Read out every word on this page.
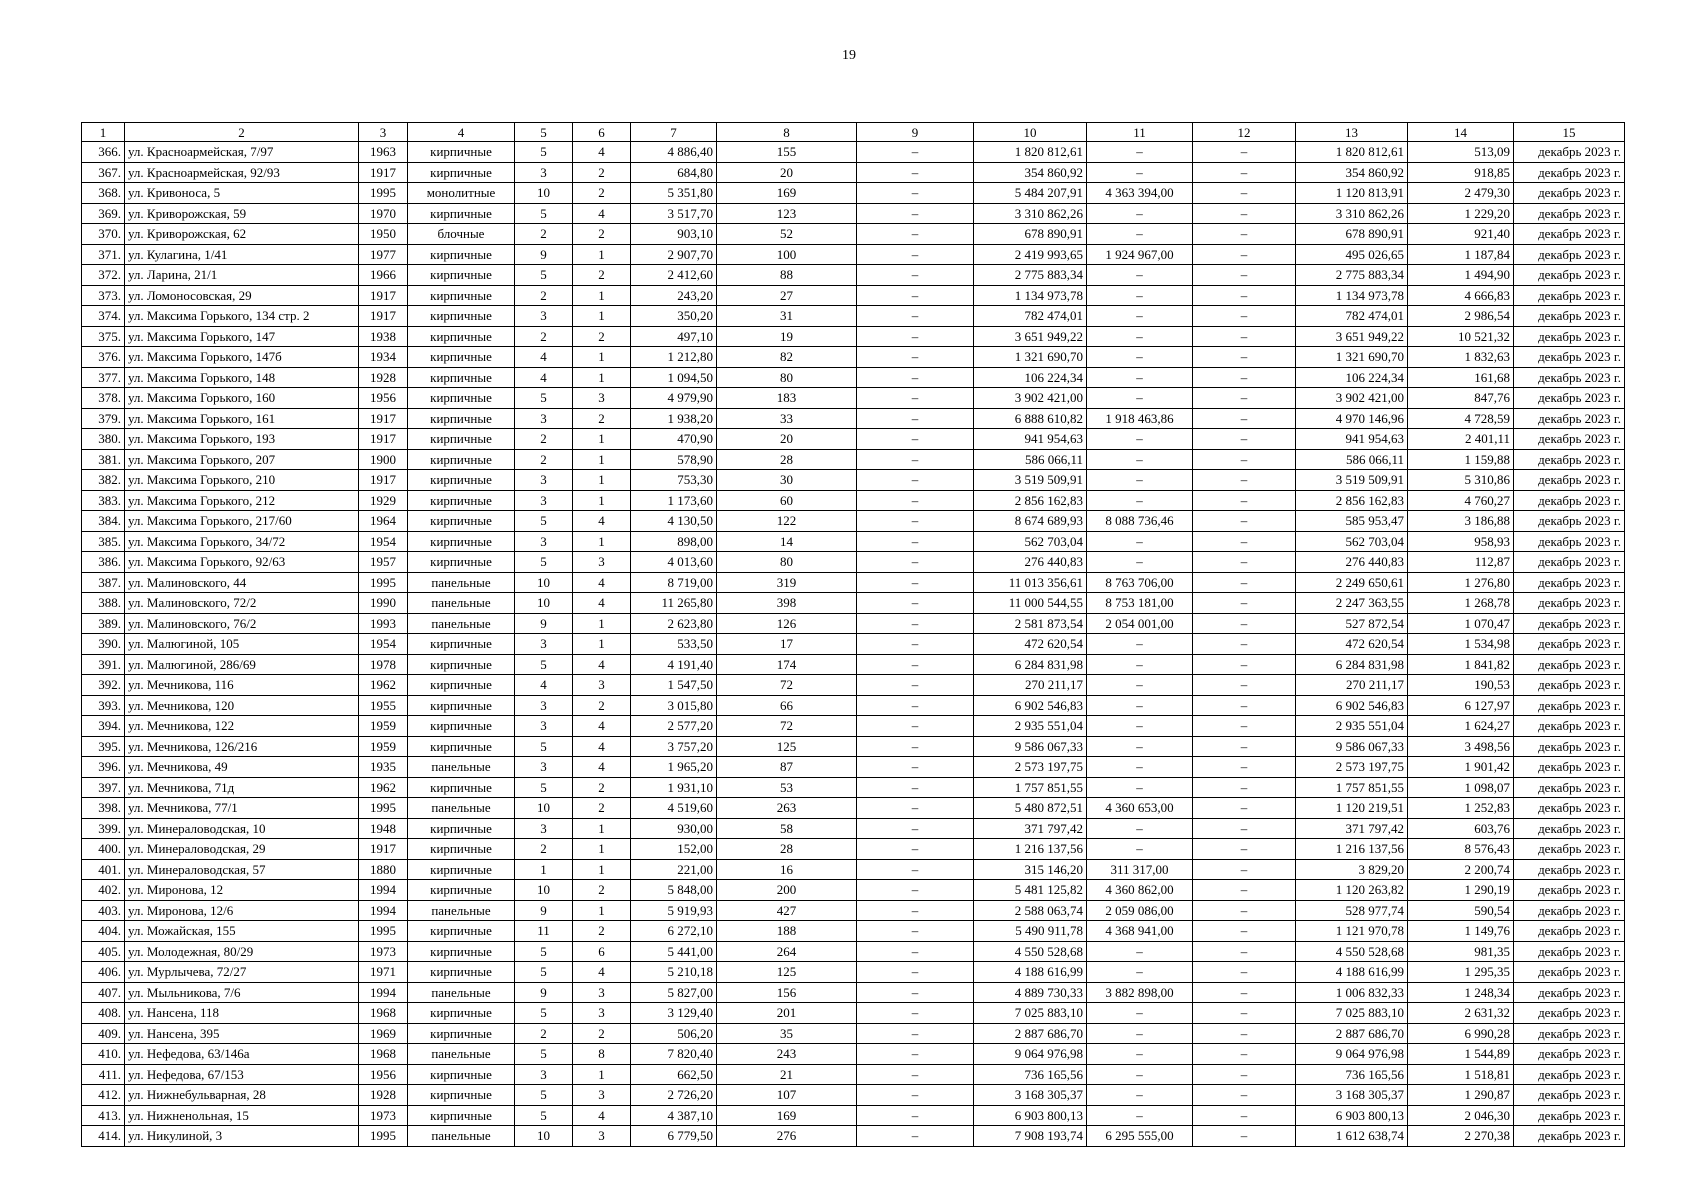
19
1	2	3	4	5	6	7	8	9	10	11	12	13	14	15
366.	ул. Красноармейская, 7/97	1963	кирпичные	5	4	4 886,40	155	–	1 820 812,61	–	–	1 820 812,61	513,09	декабрь 2023 г.
367.	ул. Красноармейская, 92/93	1917	кирпичные	3	2	684,80	20	–	354 860,92	–	–	354 860,92	918,85	декабрь 2023 г.
368.	ул. Кривоноса, 5	1995	монолитные	10	2	5 351,80	169	–	5 484 207,91	4 363 394,00	–	1 120 813,91	2 479,30	декабрь 2023 г.
369.	ул. Криворожская, 59	1970	кирпичные	5	4	3 517,70	123	–	3 310 862,26	–	–	3 310 862,26	1 229,20	декабрь 2023 г.
370.	ул. Криворожская, 62	1950	блочные	2	2	903,10	52	–	678 890,91	–	–	678 890,91	921,40	декабрь 2023 г.
371.	ул. Кулагина, 1/41	1977	кирпичные	9	1	2 907,70	100	–	2 419 993,65	1 924 967,00	–	495 026,65	1 187,84	декабрь 2023 г.
372.	ул. Ларина, 21/1	1966	кирпичные	5	2	2 412,60	88	–	2 775 883,34	–	–	2 775 883,34	1 494,90	декабрь 2023 г.
373.	ул. Ломоносовская, 29	1917	кирпичные	2	1	243,20	27	–	1 134 973,78	–	–	1 134 973,78	4 666,83	декабрь 2023 г.
374.	ул. Максима Горького, 134 стр. 2	1917	кирпичные	3	1	350,20	31	–	782 474,01	–	–	782 474,01	2 986,54	декабрь 2023 г.
375.	ул. Максима Горького, 147	1938	кирпичные	2	2	497,10	19	–	3 651 949,22	–	–	3 651 949,22	10 521,32	декабрь 2023 г.
376.	ул. Максима Горького, 147б	1934	кирпичные	4	1	1 212,80	82	–	1 321 690,70	–	–	1 321 690,70	1 832,63	декабрь 2023 г.
377.	ул. Максима Горького, 148	1928	кирпичные	4	1	1 094,50	80	–	106 224,34	–	–	106 224,34	161,68	декабрь 2023 г.
378.	ул. Максима Горького, 160	1956	кирпичные	5	3	4 979,90	183	–	3 902 421,00	–	–	3 902 421,00	847,76	декабрь 2023 г.
379.	ул. Максима Горького, 161	1917	кирпичные	3	2	1 938,20	33	–	6 888 610,82	1 918 463,86	–	4 970 146,96	4 728,59	декабрь 2023 г.
380.	ул. Максима Горького, 193	1917	кирпичные	2	1	470,90	20	–	941 954,63	–	–	941 954,63	2 401,11	декабрь 2023 г.
381.	ул. Максима Горького, 207	1900	кирпичные	2	1	578,90	28	–	586 066,11	–	–	586 066,11	1 159,88	декабрь 2023 г.
382.	ул. Максима Горького, 210	1917	кирпичные	3	1	753,30	30	–	3 519 509,91	–	–	3 519 509,91	5 310,86	декабрь 2023 г.
383.	ул. Максима Горького, 212	1929	кирпичные	3	1	1 173,60	60	–	2 856 162,83	–	–	2 856 162,83	4 760,27	декабрь 2023 г.
384.	ул. Максима Горького, 217/60	1964	кирпичные	5	4	4 130,50	122	–	8 674 689,93	8 088 736,46	–	585 953,47	3 186,88	декабрь 2023 г.
385.	ул. Максима Горького, 34/72	1954	кирпичные	3	1	898,00	14	–	562 703,04	–	–	562 703,04	958,93	декабрь 2023 г.
386.	ул. Максима Горького, 92/63	1957	кирпичные	5	3	4 013,60	80	–	276 440,83	–	–	276 440,83	112,87	декабрь 2023 г.
387.	ул. Малиновского, 44	1995	панельные	10	4	8 719,00	319	–	11 013 356,61	8 763 706,00	–	2 249 650,61	1 276,80	декабрь 2023 г.
388.	ул. Малиновского, 72/2	1990	панельные	10	4	11 265,80	398	–	11 000 544,55	8 753 181,00	–	2 247 363,55	1 268,78	декабрь 2023 г.
389.	ул. Малиновского, 76/2	1993	панельные	9	1	2 623,80	126	–	2 581 873,54	2 054 001,00	–	527 872,54	1 070,47	декабрь 2023 г.
390.	ул. Малюгиной, 105	1954	кирпичные	3	1	533,50	17	–	472 620,54	–	–	472 620,54	1 534,98	декабрь 2023 г.
391.	ул. Малюгиной, 286/69	1978	кирпичные	5	4	4 191,40	174	–	6 284 831,98	–	–	6 284 831,98	1 841,82	декабрь 2023 г.
392.	ул. Мечникова, 116	1962	кирпичные	4	3	1 547,50	72	–	270 211,17	–	–	270 211,17	190,53	декабрь 2023 г.
393.	ул. Мечникова, 120	1955	кирпичные	3	2	3 015,80	66	–	6 902 546,83	–	–	6 902 546,83	6 127,97	декабрь 2023 г.
394.	ул. Мечникова, 122	1959	кирпичные	3	4	2 577,20	72	–	2 935 551,04	–	–	2 935 551,04	1 624,27	декабрь 2023 г.
395.	ул. Мечникова, 126/216	1959	кирпичные	5	4	3 757,20	125	–	9 586 067,33	–	–	9 586 067,33	3 498,56	декабрь 2023 г.
396.	ул. Мечникова, 49	1935	панельные	3	4	1 965,20	87	–	2 573 197,75	–	–	2 573 197,75	1 901,42	декабрь 2023 г.
397.	ул. Мечникова, 71д	1962	кирпичные	5	2	1 931,10	53	–	1 757 851,55	–	–	1 757 851,55	1 098,07	декабрь 2023 г.
398.	ул. Мечникова, 77/1	1995	панельные	10	2	4 519,60	263	–	5 480 872,51	4 360 653,00	–	1 120 219,51	1 252,83	декабрь 2023 г.
399.	ул. Минераловодская, 10	1948	кирпичные	3	1	930,00	58	–	371 797,42	–	–	371 797,42	603,76	декабрь 2023 г.
400.	ул. Минераловодская, 29	1917	кирпичные	2	1	152,00	28	–	1 216 137,56	–	–	1 216 137,56	8 576,43	декабрь 2023 г.
401.	ул. Минераловодская, 57	1880	кирпичные	1	1	221,00	16	–	315 146,20	311 317,00	–	3 829,20	2 200,74	декабрь 2023 г.
402.	ул. Миронова, 12	1994	кирпичные	10	2	5 848,00	200	–	5 481 125,82	4 360 862,00	–	1 120 263,82	1 290,19	декабрь 2023 г.
403.	ул. Миронова, 12/6	1994	панельные	9	1	5 919,93	427	–	2 588 063,74	2 059 086,00	–	528 977,74	590,54	декабрь 2023 г.
404.	ул. Можайская, 155	1995	кирпичные	11	2	6 272,10	188	–	5 490 911,78	4 368 941,00	–	1 121 970,78	1 149,76	декабрь 2023 г.
405.	ул. Молодежная, 80/29	1973	кирпичные	5	6	5 441,00	264	–	4 550 528,68	–	–	4 550 528,68	981,35	декабрь 2023 г.
406.	ул. Мурлычева, 72/27	1971	кирпичные	5	4	5 210,18	125	–	4 188 616,99	–	–	4 188 616,99	1 295,35	декабрь 2023 г.
407.	ул. Мыльникова, 7/6	1994	панельные	9	3	5 827,00	156	–	4 889 730,33	3 882 898,00	–	1 006 832,33	1 248,34	декабрь 2023 г.
408.	ул. Нансена, 118	1968	кирпичные	5	3	3 129,40	201	–	7 025 883,10	–	–	7 025 883,10	2 631,32	декабрь 2023 г.
409.	ул. Нансена, 395	1969	кирпичные	2	2	506,20	35	–	2 887 686,70	–	–	2 887 686,70	6 990,28	декабрь 2023 г.
410.	ул. Нефедова, 63/146а	1968	панельные	5	8	7 820,40	243	–	9 064 976,98	–	–	9 064 976,98	1 544,89	декабрь 2023 г.
411.	ул. Нефедова, 67/153	1956	кирпичные	3	1	662,50	21	–	736 165,56	–	–	736 165,56	1 518,81	декабрь 2023 г.
412.	ул. Нижнебульварная, 28	1928	кирпичные	5	3	2 726,20	107	–	3 168 305,37	–	–	3 168 305,37	1 290,87	декабрь 2023 г.
413.	ул. Нижненольная, 15	1973	кирпичные	5	4	4 387,10	169	–	6 903 800,13	–	–	6 903 800,13	2 046,30	декабрь 2023 г.
414.	ул. Никулиной, 3	1995	панельные	10	3	6 779,50	276	–	7 908 193,74	6 295 555,00	–	1 612 638,74	2 270,38	декабрь 2023 г.
